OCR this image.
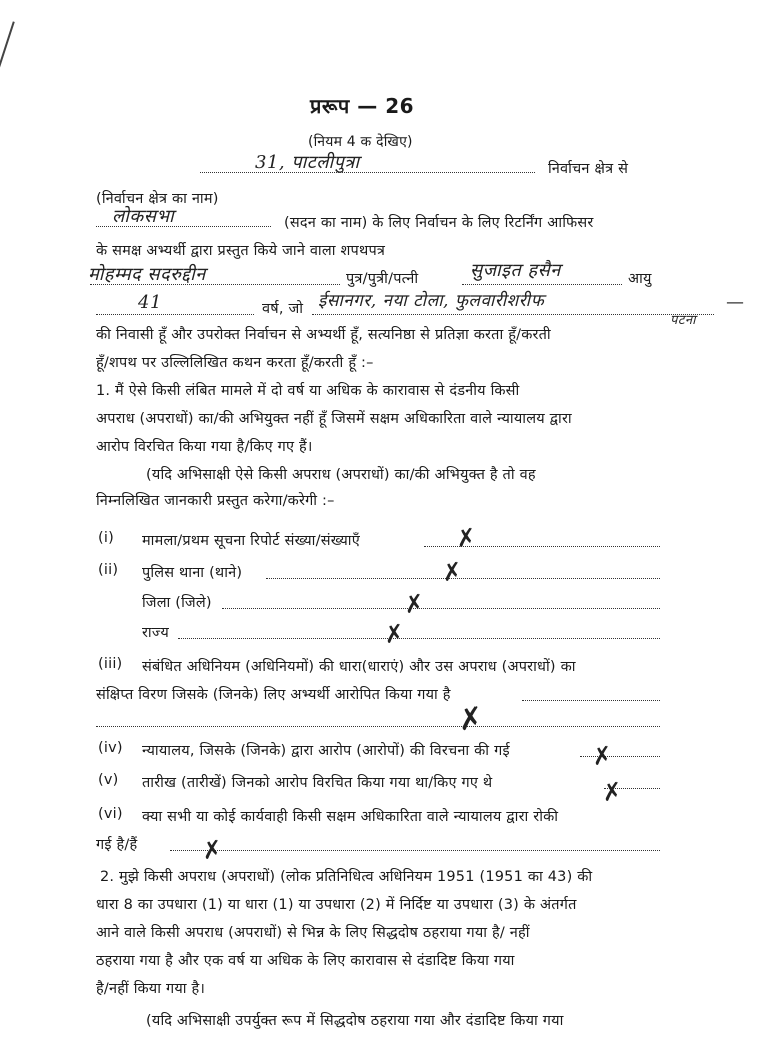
प्ररूप — 26
(नियम 4 क देखिए)
31, पाटलीपुत्रा	निर्वाचन क्षेत्र से
(निर्वाचन क्षेत्र का नाम)
लोकसभा	(सदन का नाम) के लिए निर्वाचन के लिए रिटर्निंग आफिसर
के समक्ष अभ्यर्थी द्वारा प्रस्तुत किये जाने वाला शपथपत्र
मोहम्मद सदरुद्दीन	पुत्र/पुत्री/पत्नी	सुजाइत हसैन	आयु
41	वर्ष, जो ईसानगर, नया टोला, फुलवारीशरीफ
पटना
—
की निवासी हूँ और उपरोक्त निर्वाचन से अभ्यर्थी हूँ, सत्यनिष्ठा से प्रतिज्ञा करता हूँ/करती
हूँ/शपथ पर उल्लिलिखित कथन करता हूँ/करती हूँ :–
1. मैं ऐसे किसी लंबित मामले में दो वर्ष या अधिक के कारावास से दंडनीय किसी
अपराध (अपराधों) का/की अभियुक्त नहीं हूँ जिसमें सक्षम अधिकारिता वाले न्यायालय द्वारा
आरोप विरचित किया गया है/किए गए हैं।
(यदि अभिसाक्षी ऐसे किसी अपराध (अपराधों) का/की अभियुक्त है तो वह
निम्नलिखित जानकारी प्रस्तुत करेगा/करेगी :–
(i) मामला/प्रथम सूचना रिपोर्ट संख्या/संख्याएँ	✗
(ii) पुलिस थाना (थाने)	✗
जिला (जिले)	✗
राज्य	✗
(iii) संबंधित अधिनियम (अधिनियमों) की धारा(धाराएं) और उस अपराध (अपराधों) का
संक्षिप्त विरण जिसके (जिनके) लिए अभ्यर्थी आरोपित किया गया है
✗
(iv) न्यायालय, जिसके (जिनके) द्वारा आरोप (आरोपों) की विरचना की गई	✗
(v) तारीख (तारीखें) जिनको आरोप विरचित किया गया था/किए गए थे	✗
(vi) क्या सभी या कोई कार्यवाही किसी सक्षम अधिकारिता वाले न्यायालय द्वारा रोकी
गई है/हैं	✗
2. मुझे किसी अपराध (अपराधों) (लोक प्रतिनिधित्व अधिनियम 1951 (1951 का 43) की
धारा 8 का उपधारा (1) या धारा (1) या उपधारा (2) में निर्दिष्ट या उपधारा (3) के अंतर्गत
आने वाले किसी अपराध (अपराधों) से भिन्न के लिए सिद्धदोष ठहराया गया है/ नहीं
ठहराया गया है और एक वर्ष या अधिक के लिए कारावास से दंडादिष्ट किया गया
है/नहीं किया गया है।
(यदि अभिसाक्षी उपर्युक्त रूप में सिद्धदोष ठहराया गया और दंडादिष्ट किया गया
